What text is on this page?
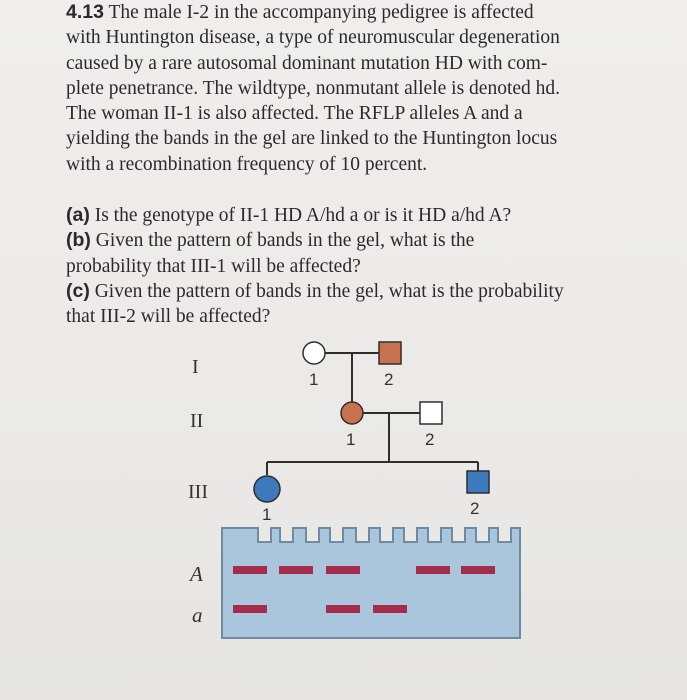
4.13 The male I-2 in the accompanying pedigree is affected
with Huntington disease, a type of neuromuscular degeneration
caused by a rare autosomal dominant mutation HD with com-
plete penetrance. The wildtype, nonmutant allele is denoted hd.
The woman II-1 is also affected. The RFLP alleles A and a
yielding the bands in the gel are linked to the Huntington locus
with a recombination frequency of 10 percent.
(a) Is the genotype of II-1 HD A/hd a or is it HD a/hd A?
(b) Given the pattern of bands in the gel, what is the
probability that III-1 will be affected?
(c) Given the pattern of bands in the gel, what is the probability
that III-2 will be affected?
I
II
III
1	2
1	2
1	2
A
a
